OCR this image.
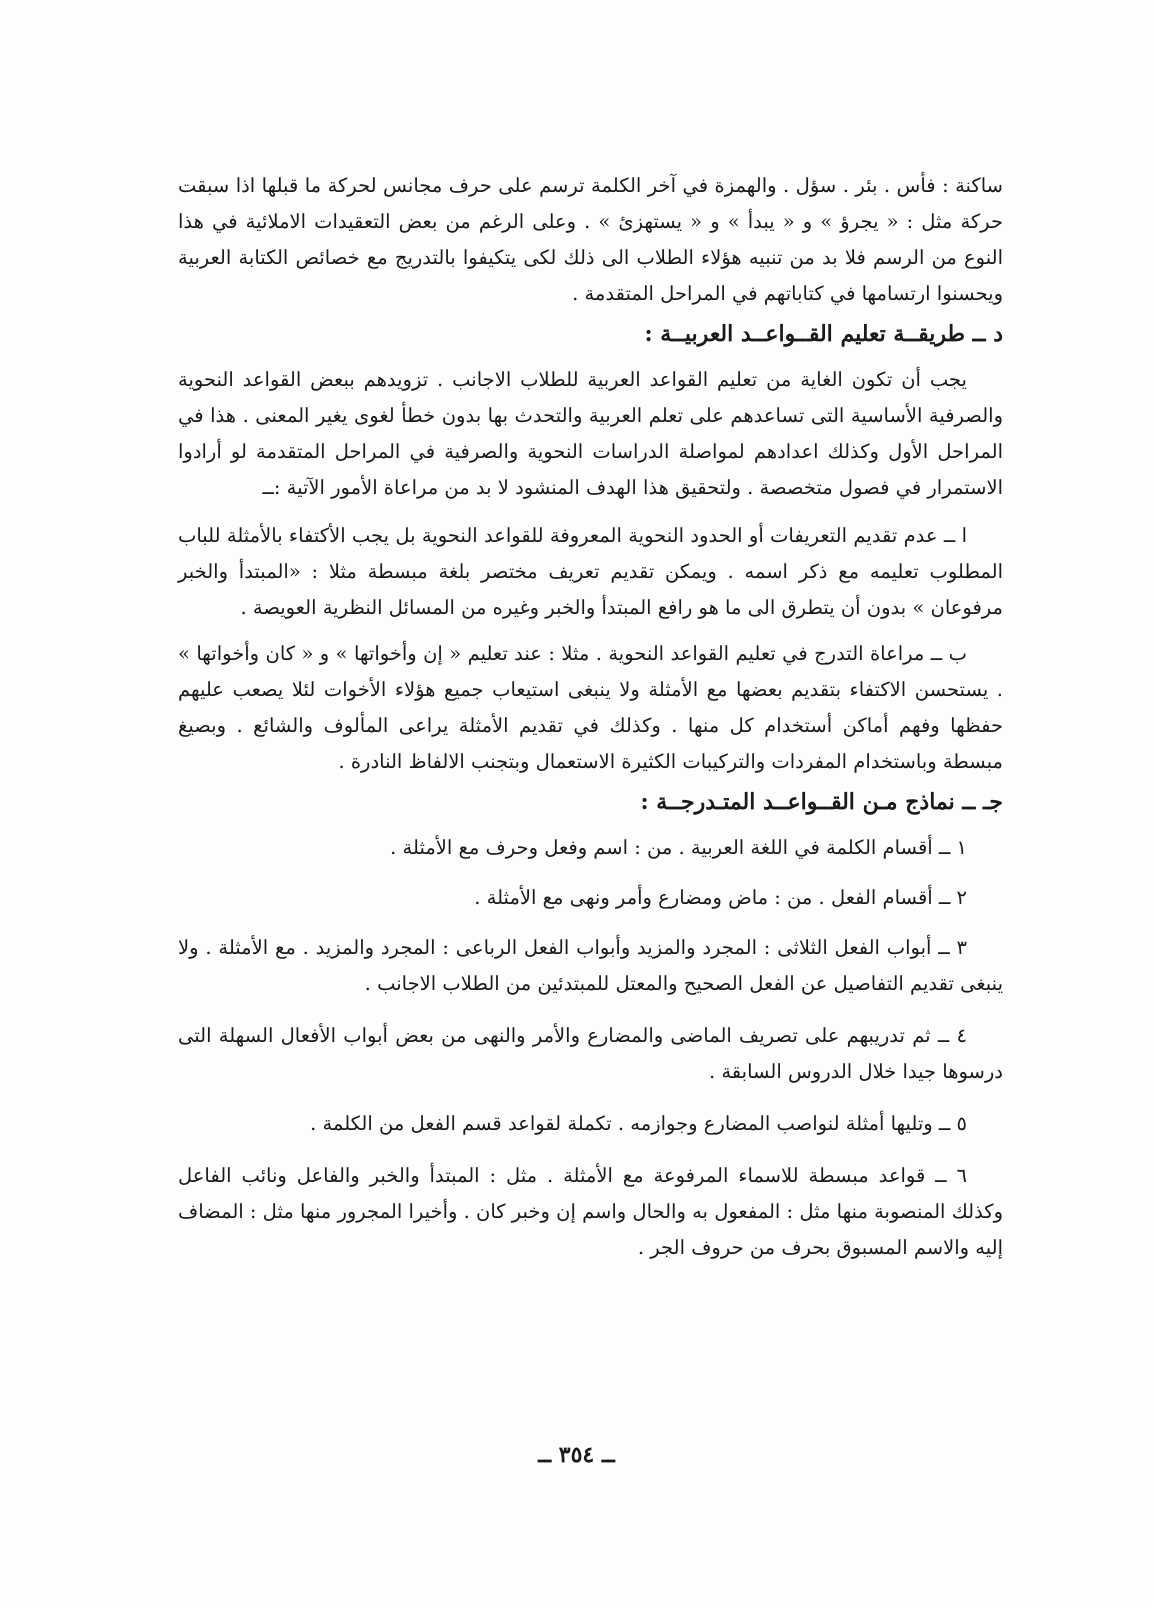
ساكنة : فأس . بئر . سؤل . والهمزة في آخر الكلمة ترسم على حرف مجانس لحركة ما قبلها اذا سبقت حركة مثل : « يجرؤ » و « يبدأ » و « يستهزئ » . وعلى الرغم من بعض التعقيدات الاملائية في هذا النوع من الرسم فلا بد من تنبيه هؤلاء الطلاب الى ذلك لكى يتكيفوا بالتدريج مع خصائص الكتابة العربية ويحسنوا ارتسامها في كتاباتهم في المراحل المتقدمة .

د ــ طريقــة تعليم القــواعــد العربيــة :

يجب أن تكون الغاية من تعليم القواعد العربية للطلاب الاجانب . تزويدهم ببعض القواعد النحوية والصرفية الأساسية التى تساعدهم على تعلم العربية والتحدث بها بدون خطأ لغوى يغير المعنى . هذا في المراحل الأول وكذلك اعدادهم لمواصلة الدراسات النحوية والصرفية في المراحل المتقدمة لو أرادوا الاستمرار في فصول متخصصة . ولتحقيق هذا الهدف المنشود لا بد من مراعاة الأمور الآتية :ــ

ا ــ عدم تقديم التعريفات أو الحدود النحوية المعروفة للقواعد النحوية بل يجب الأكتفاء بالأمثلة للباب المطلوب تعليمه مع ذكر اسمه . ويمكن تقديم تعريف مختصر بلغة مبسطة مثلا : «المبتدأ والخبر مرفوعان » بدون أن يتطرق الى ما هو رافع المبتدأ والخبر وغيره من المسائل النظرية العويصة .

ب ــ مراعاة التدرج في تعليم القواعد النحوية . مثلا : عند تعليم « إن وأخواتها » و « كان وأخواتها » . يستحسن الاكتفاء بتقديم بعضها مع الأمثلة ولا ينبغى استيعاب جميع هؤلاء الأخوات لئلا يصعب عليهم حفظها وفهم أماكن أستخدام كل منها . وكذلك في تقديم الأمثلة يراعى المألوف والشائع . وبصيغ مبسطة وباستخدام المفردات والتركيبات الكثيرة الاستعمال وبتجنب الالفاظ النادرة .

جـ ــ نماذج مـن القــواعــد المتـدرجــة :
١ ــ أقسام الكلمة في اللغة العربية . من : اسم وفعل وحرف مع الأمثلة .
٢ ــ أقسام الفعل . من : ماض ومضارع وأمر ونهى مع الأمثلة .
٣ ــ أبواب الفعل الثلاثى : المجرد والمزيد وأبواب الفعل الرباعى : المجرد والمزيد . مع الأمثلة . ولا ينبغى تقديم التفاصيل عن الفعل الصحيح والمعتل للمبتدئين من الطلاب الاجانب .
٤ ــ ثم تدريبهم على تصريف الماضى والمضارع والأمر والنهى من بعض أبواب الأفعال السهلة التى درسوها جيدا خلال الدروس السابقة .
٥ ــ وتليها أمثلة لنواصب المضارع وجوازمه . تكملة لقواعد قسم الفعل من الكلمة .
٦ ــ قواعد مبسطة للاسماء المرفوعة مع الأمثلة . مثل : المبتدأ والخبر والفاعل ونائب الفاعل وكذلك المنصوبة منها مثل : المفعول به والحال واسم إن وخبر كان . وأخيرا المجرور منها مثل : المضاف إليه والاسم المسبوق بحرف من حروف الجر .
ــ ٣٥٤ ــ
